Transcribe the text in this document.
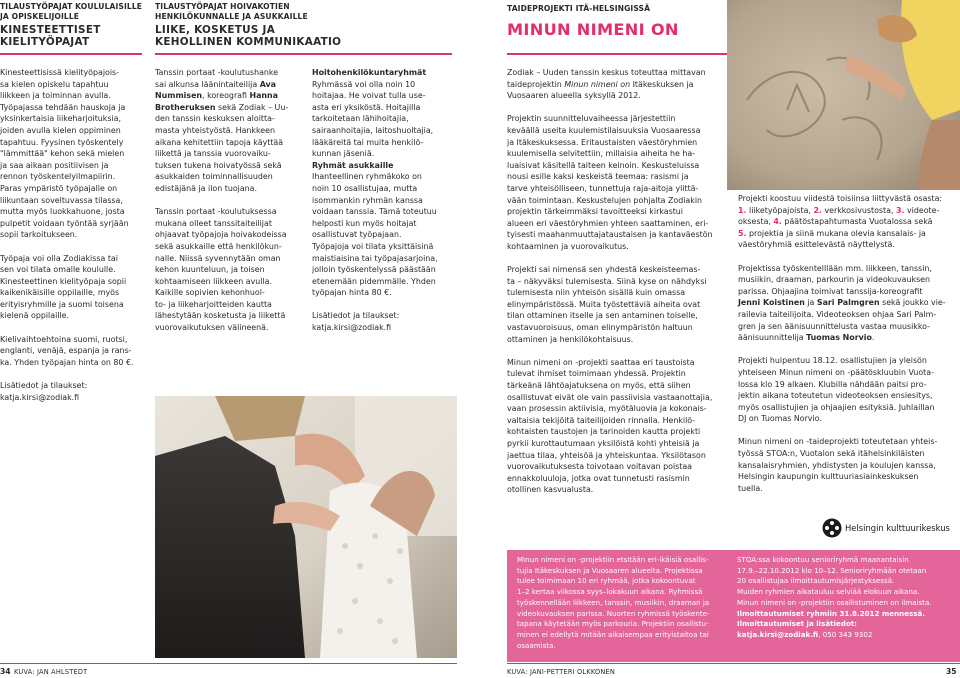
TILAUSTYÖPAJAT KOULULAISILLE
JA OPISKELIJOILLE
KINESTEETTISET
KIELITYÖPAJAT
Kinesteettisissä kielityöpajois-
sa kielen opiskelu tapahtuu
liikkeen ja toiminnan avulla.
Työpajassa tehdään hauskoja ja
yksinkertaisia liikeharjoituksia,
joiden avulla kielen oppiminen
tapahtuu. Fyysinen työskentely
"lämmittää" kehon sekä mielen
ja saa aikaan positiivisen ja
rennon työskentelyilmapiirin.
Paras ympäristö työpajalle on
liikuntaan soveltuvassa tilassa,
mutta myös luokkahuone, josta
pulpetit voidaan työntää syrjään
sopii tarkoitukseen.
Työpaja voi olla Zodiakissa tai
sen voi tilata omalle koululle.
Kinesteettinen kielityöpaja sopii
kaikenikäisille oppilaille, myös
erityisryhmille ja suomi toisena
kielenä oppilaille.
Kielivaihtoehtoina suomi, ruotsi,
englanti, venäjä, espanja ja rans-
ka. Yhden työpajan hinta on 80 €.
Lisätiedot ja tilaukset:
katja.kirsi@zodiak.fi
TILAUSTYÖPAJAT HOIVAKOTIEN
HENKILÖKUNNALLE JA ASUKKAILLE
LIIKE, KOSKETUS JA
KEHOLLINEN KOMMUNIKAATIO
Tanssin portaat -koulutushanke
sai alkunsa läänintaiteilija Ava
Nummisen, koreografi Hanna
Brotheruksen sekä Zodiak – Uu-
den tanssin keskuksen aloitta-
masta yhteistyöstä. Hankkeen
aikana kehitettiin tapoja käyttää
liikettä ja tanssia vuorovaiku-
tuksen tukena hoivatyössä sekä
asukkaiden toiminnallisuuden
edistäjänä ja ilon tuojana.
Tanssin portaat -koulutuksessa
mukana olleet tanssitaiteilijat
ohjaavat työpajoja hoivakodeissa
sekä asukkaille että henkilökun-
nalle. Niissä syvennytään oman
kehon kuunteluun, ja toisen
kohtaamiseen liikkeen avulla.
Kaikille sopivien kehonhuol-
to- ja liikeharjoitteiden kautta
lähestytään kosketusta ja liikettä
vuorovaikutuksen välineenä.
Hoitohenkilökuntaryhmät
Ryhmässä voi olla noin 10
hoitajaa. He voivat tulla use-
asta eri yksiköstä. Hoitajilla
tarkoitetaan lähihoitajia,
sairaanhoitajia, laitoshuoltajia,
lääkäreitä tai muita henkilö-
kunnan jäseniä.
Ryhmät asukkaille
Ihanteellinen ryhmäkoko on
noin 10 osallistujaa, mutta
isommankin ryhmän kanssa
voidaan tanssia. Tämä toteutuu
helposti kun myös hoitajat
osallistuvat työpajaan.
Työpajoja voi tilata yksittäisinä
maistiaisina tai työpajasarjoina,
jolloin työskentelyssä päästään
etenemään pidemmälle. Yhden
työpajan hinta 80 €.
Lisätiedot ja tilaukset:
katja.kirsi@zodiak.fi
34 KUVA: JAN AHLSTEDT
TAIDEPROJEKTI ITÄ-HELSINGISSÄ
MINUN NIMENI ON
Zodiak – Uuden tanssin keskus toteuttaa mittavan
taideprojektin Minun nimeni on Itäkeskuksen ja
Vuosaaren alueella syksyllä 2012.
Projektin suunnitteluvaiheessa järjestettiin
keväällä useita kuulemistilaisuuksia Vuosaaressa
ja Itäkeskuksessa. Eritaustaisten väestöryhmien
kuulemisella selvitettiin, millaisia aiheita he ha-
luaisivat käsitellä taiteen keinoin. Keskusteluissa
nousi esille kaksi keskeistä teemaa: rasismi ja
tarve yhteisölliseen, tunnettuja raja-aitoja ylittä-
vään toimintaan. Keskustelujen pohjalta Zodiakin
projektin tärkeimmäksi tavoitteeksi kirkastui
alueen eri väestöryhmien yhteen saattaminen, eri-
tyisesti maahanmuuttajataustaisen ja kantaväestön
kohtaaminen ja vuorovaikutus.
Projekti sai nimensä sen yhdestä keskeisteemas-
ta – näkyväksi tulemisesta. Siinä kyse on nähdyksi
tulemisesta niin yhteisön sisällä kuin omassa
elinympäristössä. Muita työstettäviä aiheita ovat
tilan ottaminen itselle ja sen antaminen toiselle,
vastavuoroisuus, oman elinympäristön haltuun
ottaminen ja henkilökohtaisuus.
Minun nimeni on -projekti saattaa eri taustoista
tulevat ihmiset toimimaan yhdessä. Projektin
tärkeänä lähtöajatuksena on myös, että siihen
osallistuvat eivät ole vain passiivisia vastaanottajia,
vaan prosessin aktiivisia, myötäluovia ja kokonais-
valtaisia tekijöitä taiteilijoiden rinnalla. Henkilö-
kohtaisten taustojen ja tarinoiden kautta projekti
pyrkii kurottautumaan yksilöistä kohti yhteisiä ja
jaettua tilaa, yhteisöä ja yhteiskuntaa. Yksilötason
vuorovaikutuksesta toivotaan voitavan poistaa
ennakkoluuloja, jotka ovat tunnetusti rasismin
otollinen kasvualusta.
Projekti koostuu viidestä toisiinsa liittyvästä osasta:
1. liiketyöpajoista, 2. verkkosivustosta, 3. videote-
oksesta, 4. päätöstapahtumasta Vuotalossa sekä
5. projektia ja siinä mukana olevia kansalais- ja
väestöryhmiä esittelevästä näyttelystä.
Projektissa työskentelllään mm. liikkeen, tanssin,
musiikin, draaman, parkourin ja videokuvauksen
parissa. Ohjaajina toimivat tanssija-koreografit
Jenni Koistinen ja Sari Palmgren sekä joukko vie-
railevia taiteilijoita. Videoteoksen ohjaa Sari Palm-
gren ja sen äänisuunnittelusta vastaa muusikko-
äänisuunnittelija Tuomas Norvio.
Projekti huipentuu 18.12. osallistujien ja yleisön
yhteiseen Minun nimeni on -päätöskluubin Vuota-
lossa klo 19 alkaen. Klubilla nähdään paitsi pro-
jektin aikana toteutetun videoteoksen ensiesitys,
myös osallistujien ja ohjaajien esityksiä. Juhlaillan
DJ on Tuomas Norvio.
Minun nimeni on -taideprojekti toteutetaan yhteis-
työssä STOA:n, Vuotalon sekä itähelsinkiläisten
kansalaisryhmien, yhdistysten ja koulujen kanssa,
Helsingin kaupungin kulttuuriasiainkeskuksen
tuella.
Helsingin kulttuurikeskus
Minun nimeni on -projektiin etsitään eri-ikäisiä osallis-
tujia Itäkeskuksen ja Vuosaaren alueelta. Projektissa
tulee toimimaan 10 eri ryhmää, jotka kokoontuvat
1–2 kertaa viikossa syys–lokakuun aikana. Ryhmissä
työskennellään liikkeen, tanssin, musiikin, draaman ja
videokuvauksen parissa. Nuorten ryhmissä työskente-
tapana käytetään myös parkouria. Projektiin osallistu-
minen ei edellytä mitään aikaisempaa erityistaitoa tai
osaamista.
STOA:ssa kokoontuu senioriryhmä maanantaisin
17.9.–22.10.2012 klo 10–12. Senioriryhmään otetaan
20 osallistujaa ilmoittautumisjärjestyksessä.
Muiden ryhmien aikatauluu selviää elokuun aikana.
Minun nimeni on -projektiin osallistuminen on ilmaista.
Ilmoittautumiset ryhmiin 31.8.2012 mennessä.
Ilmoittautumiset ja lisätiedot:
katja.kirsi@zodiak.fi, 050 343 9302
KUVA: JANI-PETTERI OLKKONEN	35
